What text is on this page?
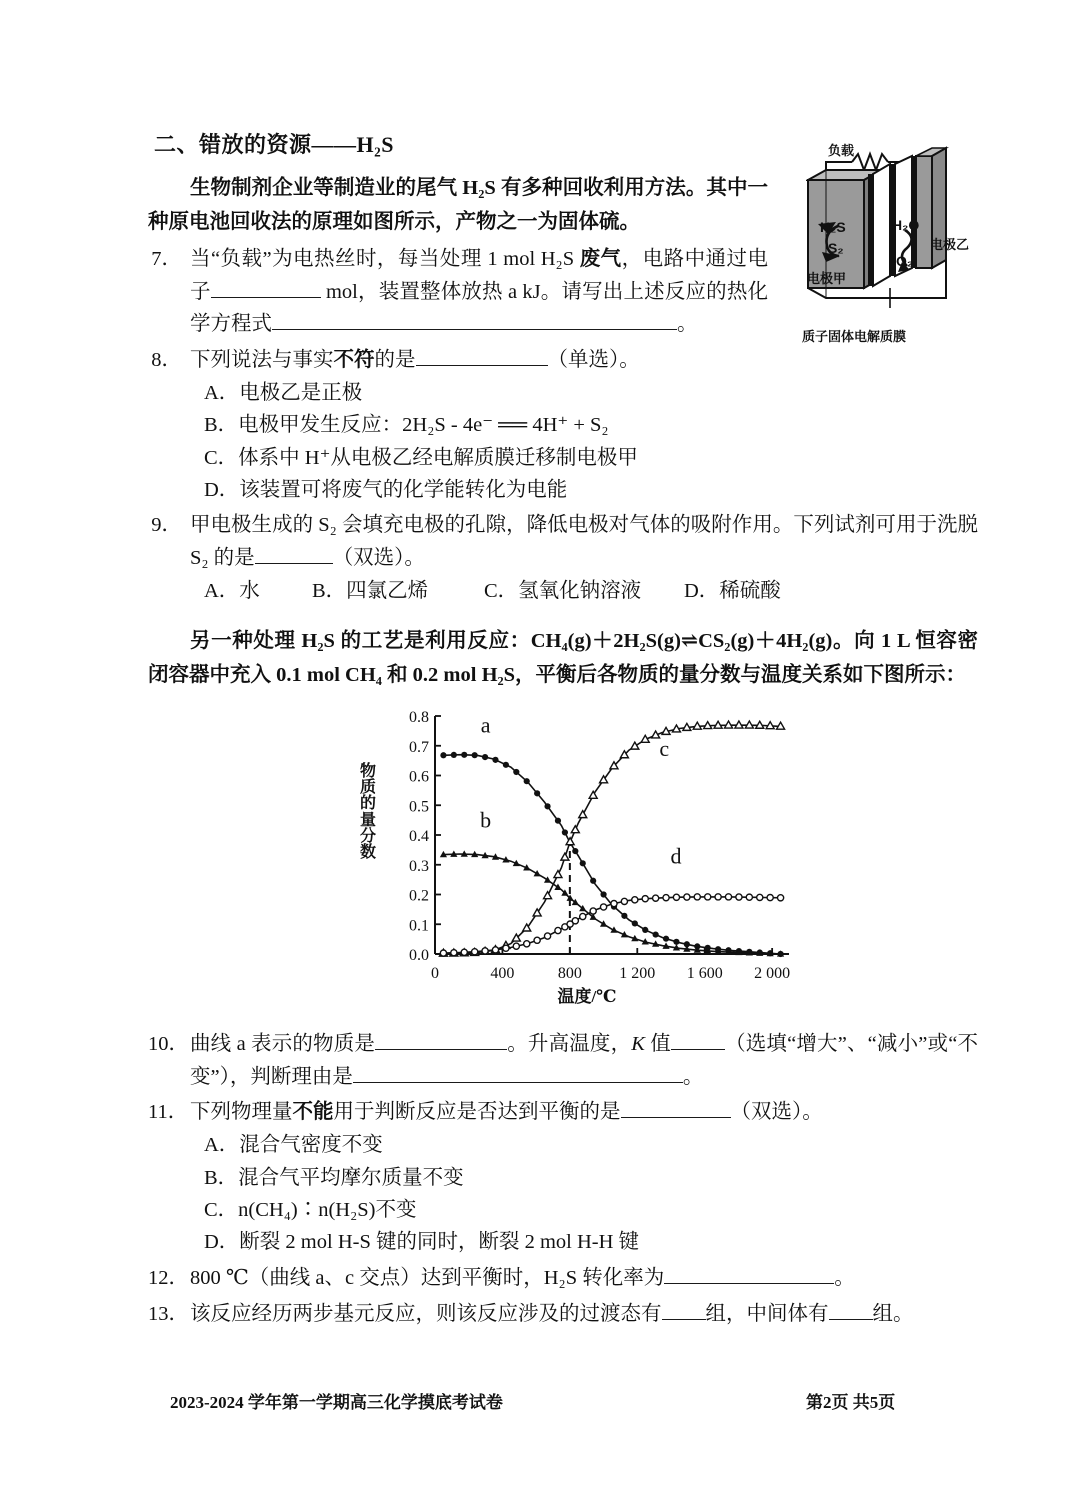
负载
H₂S
S₂
H₂O
O₂
电极甲
电极乙
质子固体电解质膜
二、错放的资源——H₂S
生物制剂企业等制造业的尾气 H₂S 有多种回收利用方法。其中一种原电池回收法的原理如图所示，产物之一为固体硫。
7． 当“负载”为电热丝时，每当处理 1 mol H₂S 废气，电路中通过电子	mol，装置整体放热 a kJ。请写出上述反应的热化学方程式	。
8． 下列说法与事实不符的是	（单选）。
A．电极乙是正极
B．电极甲发生反应：2H₂S - 4e⁻ ══ 4H⁺ + S₂
C．体系中 H⁺从电极乙经电解质膜迁移制电极甲
D．该装置可将废气的化学能转化为电能
9． 甲电极生成的 S₂ 会填充电极的孔隙，降低电极对气体的吸附作用。下列试剂可用于洗脱 S₂ 的是	（双选）。
A．水	B．四氯乙烯	C．氢氧化钠溶液	D．稀硫酸
另一种处理 H₂S 的工艺是利用反应：CH₄(g)＋2H₂S(g)⇌CS₂(g)＋4H₂(g)。向 1 L 恒容密闭容器中充入 0.1 mol CH₄ 和 0.2 mol H₂S，平衡后各物质的量分数与温度关系如下图所示：
物质的量分数
0.0
0.1
0.2
0.3
0.4
0.5
0.6
0.7
0.8
0	400	800 1 200 1 600 2 000
a
b
c
d
温度/℃
10． 曲线 a 表示的物质是	。升高温度，K 值	（选填“增大”、“减小”或“不变”），判断理由是	。
11． 下列物理量不能用于判断反应是否达到平衡的是	（双选）。
A．混合气密度不变
B．混合气平均摩尔质量不变
C．n(CH₄)∶n(H₂S)不变
D．断裂 2 mol H-S 键的同时，断裂 2 mol H-H 键
12． 800 ℃（曲线 a、c 交点）达到平衡时，H₂S 转化率为	。
13． 该反应经历两步基元反应，则该反应涉及的过渡态有 组，中间体有 组。
2023-2024 学年第一学期高三化学摸底考试卷	第2页 共5页
